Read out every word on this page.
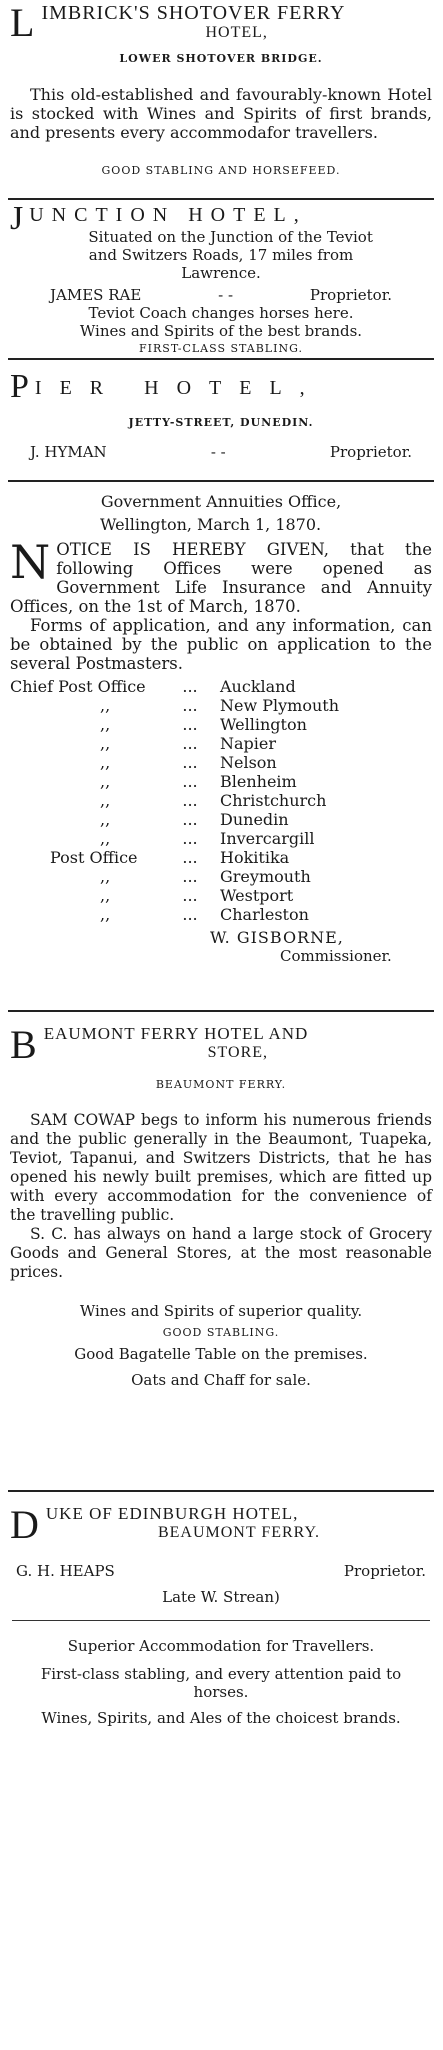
L IMBRICK'S SHOTOVER FERRY
HOTEL,
LOWER SHOTOVER BRIDGE.

This old-established and favourably-known Hotel is stocked with Wines and Spirits of first brands, and presents every accommodafor travellers.

GOOD STABLING AND HORSEFEED.
J UNCTION HOTEL,
Situated on the Junction of the Teviot
and Switzers Roads, 17 miles from
Lawrence.
JAMES RAE	- -	Proprietor.
Teviot Coach changes horses here.
Wines and Spirits of the best brands.
FIRST-CLASS STABLING.
P IER HOTEL,
JETTY-STREET, DUNEDIN.
J. HYMAN	- -	Proprietor.
Government Annuities Office,
Wellington, March 1, 1870.
N OTICE IS HEREBY GIVEN, that the following Offices were opened as Government Life Insurance and Annuity Offices, on the 1st of March, 1870.

Forms of application, and any information, can be obtained by the public on application to the several Postmasters.

Chief Post Office	...	Auckland
,,	...	New Plymouth
,,	...	Wellington
,,	...	Napier
,,	...	Nelson
,,	...	Blenheim
,,	...	Christchurch
,,	...	Dunedin
,,	...	Invercargill
Post Office	...	Hokitika
,,	...	Greymouth
,,	...	Westport
,,	...	Charleston
W. GISBORNE,
Commissioner.
B EAUMONT FERRY HOTEL AND
STORE,
BEAUMONT FERRY.

SAM COWAP begs to inform his numerous friends and the public generally in the Beaumont, Tuapeka, Teviot, Tapanui, and Switzers Districts, that he has opened his newly built premises, which are fitted up with every accommodation for the convenience of the travelling public.

S. C. has always on hand a large stock of Grocery Goods and General Stores, at the most reasonable prices.

Wines and Spirits of superior quality.
GOOD STABLING.
Good Bagatelle Table on the premises.
Oats and Chaff for sale.
D UKE OF EDINBURGH HOTEL,
BEAUMONT FERRY.
G. H. HEAPS	Proprietor.
Late W. Strean)
Superior Accommodation for Travellers.
First-class stabling, and every attention paid to horses.
Wines, Spirits, and Ales of the choicest brands.
